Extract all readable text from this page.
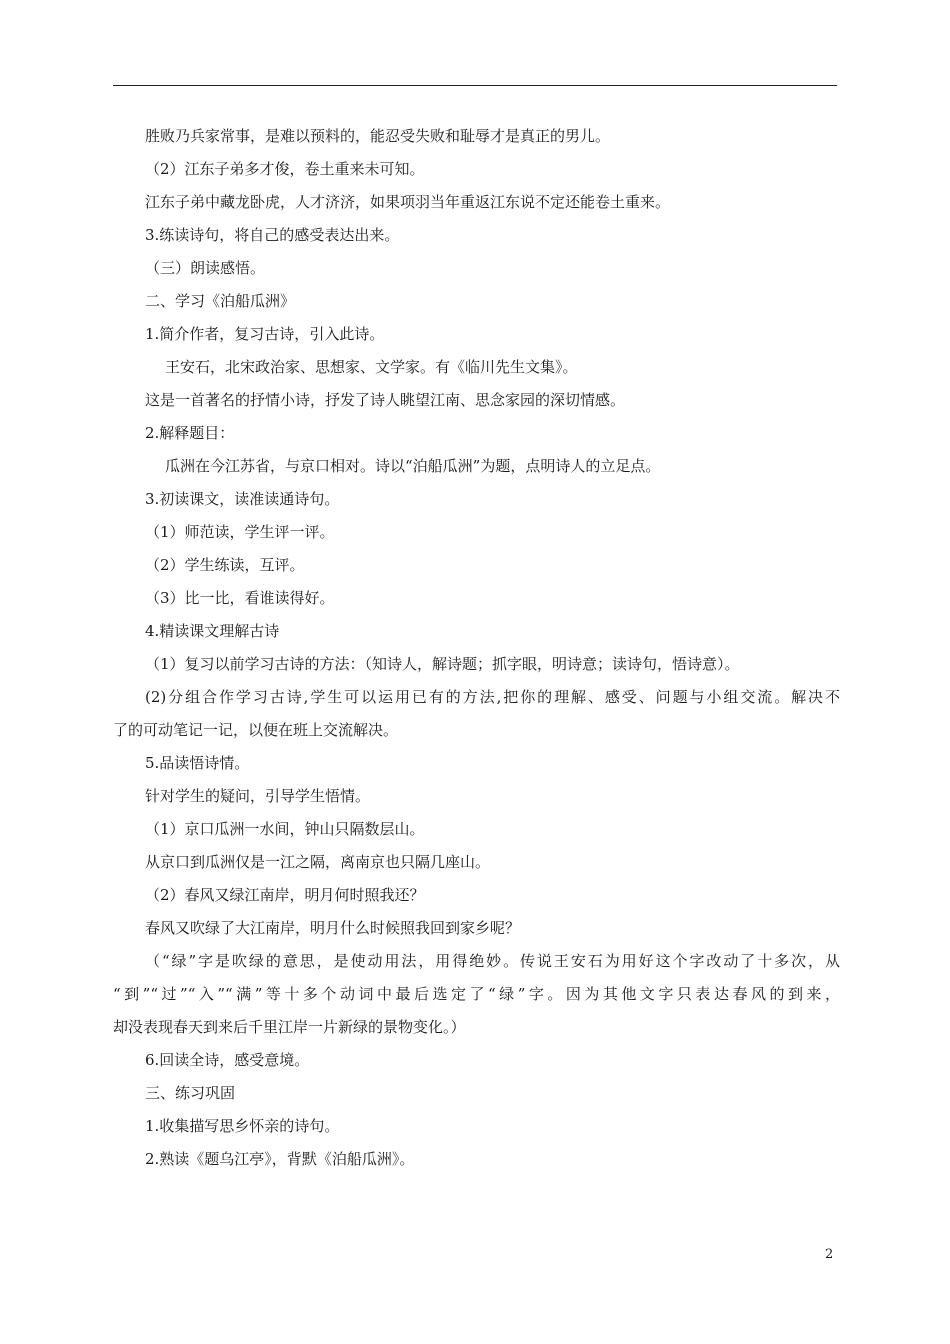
胜败乃兵家常事，是难以预料的，能忍受失败和耻辱才是真正的男儿。
（2）江东子弟多才俊，卷土重来未可知。
江东子弟中藏龙卧虎，人才济济，如果项羽当年重返江东说不定还能卷土重来。
3.练读诗句，将自己的感受表达出来。
（三）朗读感悟。
二、学习《泊船瓜洲》
1.简介作者，复习古诗，引入此诗。
王安石，北宋政治家、思想家、文学家。有《临川先生文集》。
这是一首著名的抒情小诗，抒发了诗人眺望江南、思念家园的深切情感。
2.解释题目：
瓜洲在今江苏省，与京口相对。诗以“泊船瓜洲”为题，点明诗人的立足点。
3.初读课文，读准读通诗句。
（1）师范读，学生评一评。
（2）学生练读，互评。
（3）比一比，看谁读得好。
4.精读课文理解古诗
（1）复习以前学习古诗的方法：（知诗人，解诗题；抓字眼，明诗意；读诗句，悟诗意）。
(2)分组合作学习古诗,学生可以运用已有的方法,把你的理解、感受、问题与小组交流。解决不
了的可动笔记一记，以便在班上交流解决。
5.品读悟诗情。
针对学生的疑问，引导学生悟情。
（1）京口瓜洲一水间，钟山只隔数层山。
从京口到瓜洲仅是一江之隔，离南京也只隔几座山。
（2）春风又绿江南岸，明月何时照我还？
春风又吹绿了大江南岸，明月什么时候照我回到家乡呢？
（“绿”字是吹绿的意思，是使动用法，用得绝妙。传说王安石为用好这个字改动了十多次，从
“到”“过”“入”“满”等十多个动词中最后选定了“绿”字。因为其他文字只表达春风的到来，
却没表现春天到来后千里江岸一片新绿的景物变化。）
6.回读全诗，感受意境。
三、练习巩固
1.收集描写思乡怀亲的诗句。
2.熟读《题乌江亭》，背默《泊船瓜洲》。
2
